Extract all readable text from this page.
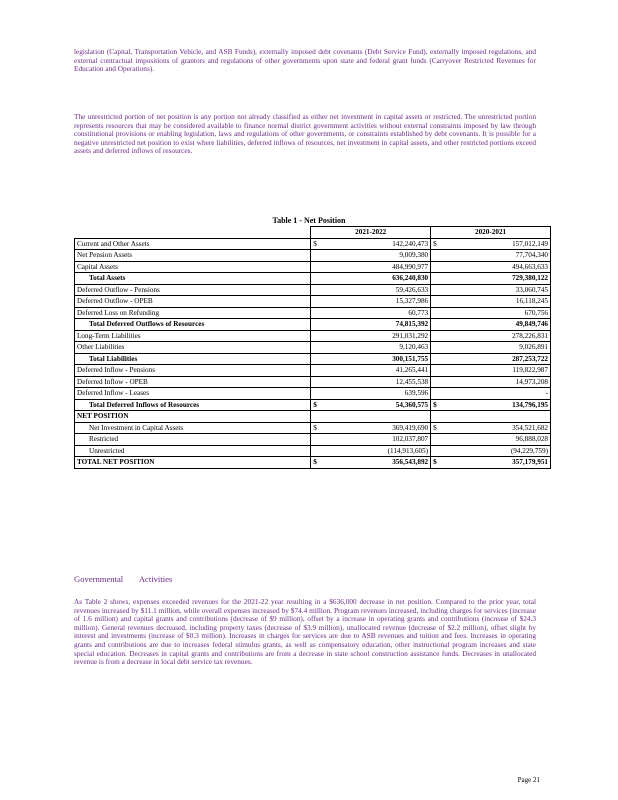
legislation (Capital, Transportation Vehicle, and ASB Funds), externally imposed debt covenants (Debt Service Fund), externally imposed regulations, and external contractual impositions of grantors and regulations of other governments upon state and federal grant funds (Carryover Restricted Revenues for Education and Operations).

The unrestricted portion of net position is any portion not already classified as either net investment in capital assets or restricted. The unrestricted portion represents resources that may be considered available to finance normal district government activities without external constraints imposed by law through constitutional provisions or enabling legislation, laws and regulations of other governments, or constraints established by debt covenants. It is possible for a negative unrestricted net position to exist where liabilities, deferred inflows of resources, net investment in capital assets, and other restricted portions exceed assets and deferred inflows of resources.

Table 1 - Net Position
	2021-2022		2020-2021	
Current and Other Assets	$	142,240,473	$	157,012,149
Net Pension Assets		9,009,380		77,704,340
Capital Assets		484,990,977		494,663,633
Total Assets		636,240,830		729,380,122
Deferred Outflow - Pensions		59,426,633		33,060,745
Deferred Outflow - OPEB		15,327,986		16,118,245
Deferred Loss on Refunding		60,773		670,756
Total Deferred Outflows of Resources		74,815,392		49,849,746
Long-Term Liabilities		291,031,292		278,226,831
Other Liabilities		9,120,463		9,026,891
Total Liabilities		300,151,755		287,253,722
Deferred Inflow - Pensions		41,265,441		119,822,987
Deferred Inflow - OPEB		12,455,538		14,973,208
Deferred Inflow - Leases		639,596		-
Total Deferred Inflows of Resources	$	54,360,575	$	134,796,195
NET POSITION				
Net Investment in Capital Assets	$	369,419,690	$	354,521,682
Restricted		102,037,807		96,888,028
Unrestricted		(114,913,605)		(94,229,759)
TOTAL NET POSITION	$	356,543,892	$	357,179,951
Governmental Activities

As Table 2 shows, expenses exceeded revenues for the 2021-22 year resulting in a $636,000 decrease in net position. Compared to the prior year, total revenues increased by $11.1 million, while overall expenses increased by $74.4 million. Program revenues increased, including charges for services (increase of 1.6 million) and capital grants and contributions (decrease of $9 million), offset by a increase in operating grants and contributions (increase of $24.3 million). General revenues decreased, including property taxes (decrease of $3.9 million), unallocated revenue (decrease of $2.2 million), offset slight by interest and investments (increase of $0.3 million). Increases in charges for services are due to ASB revenues and tuition and fees. Increases in operating grants and contributions are due to increases federal stimulus grants, as well as compensatory education, other instructional program increases and state special education. Decreases in capital grants and contributions are from a decrease in state school construction assistance funds. Decreases in unallocated revenue is from a decrease in local debt service tax revenues.

Page 21
